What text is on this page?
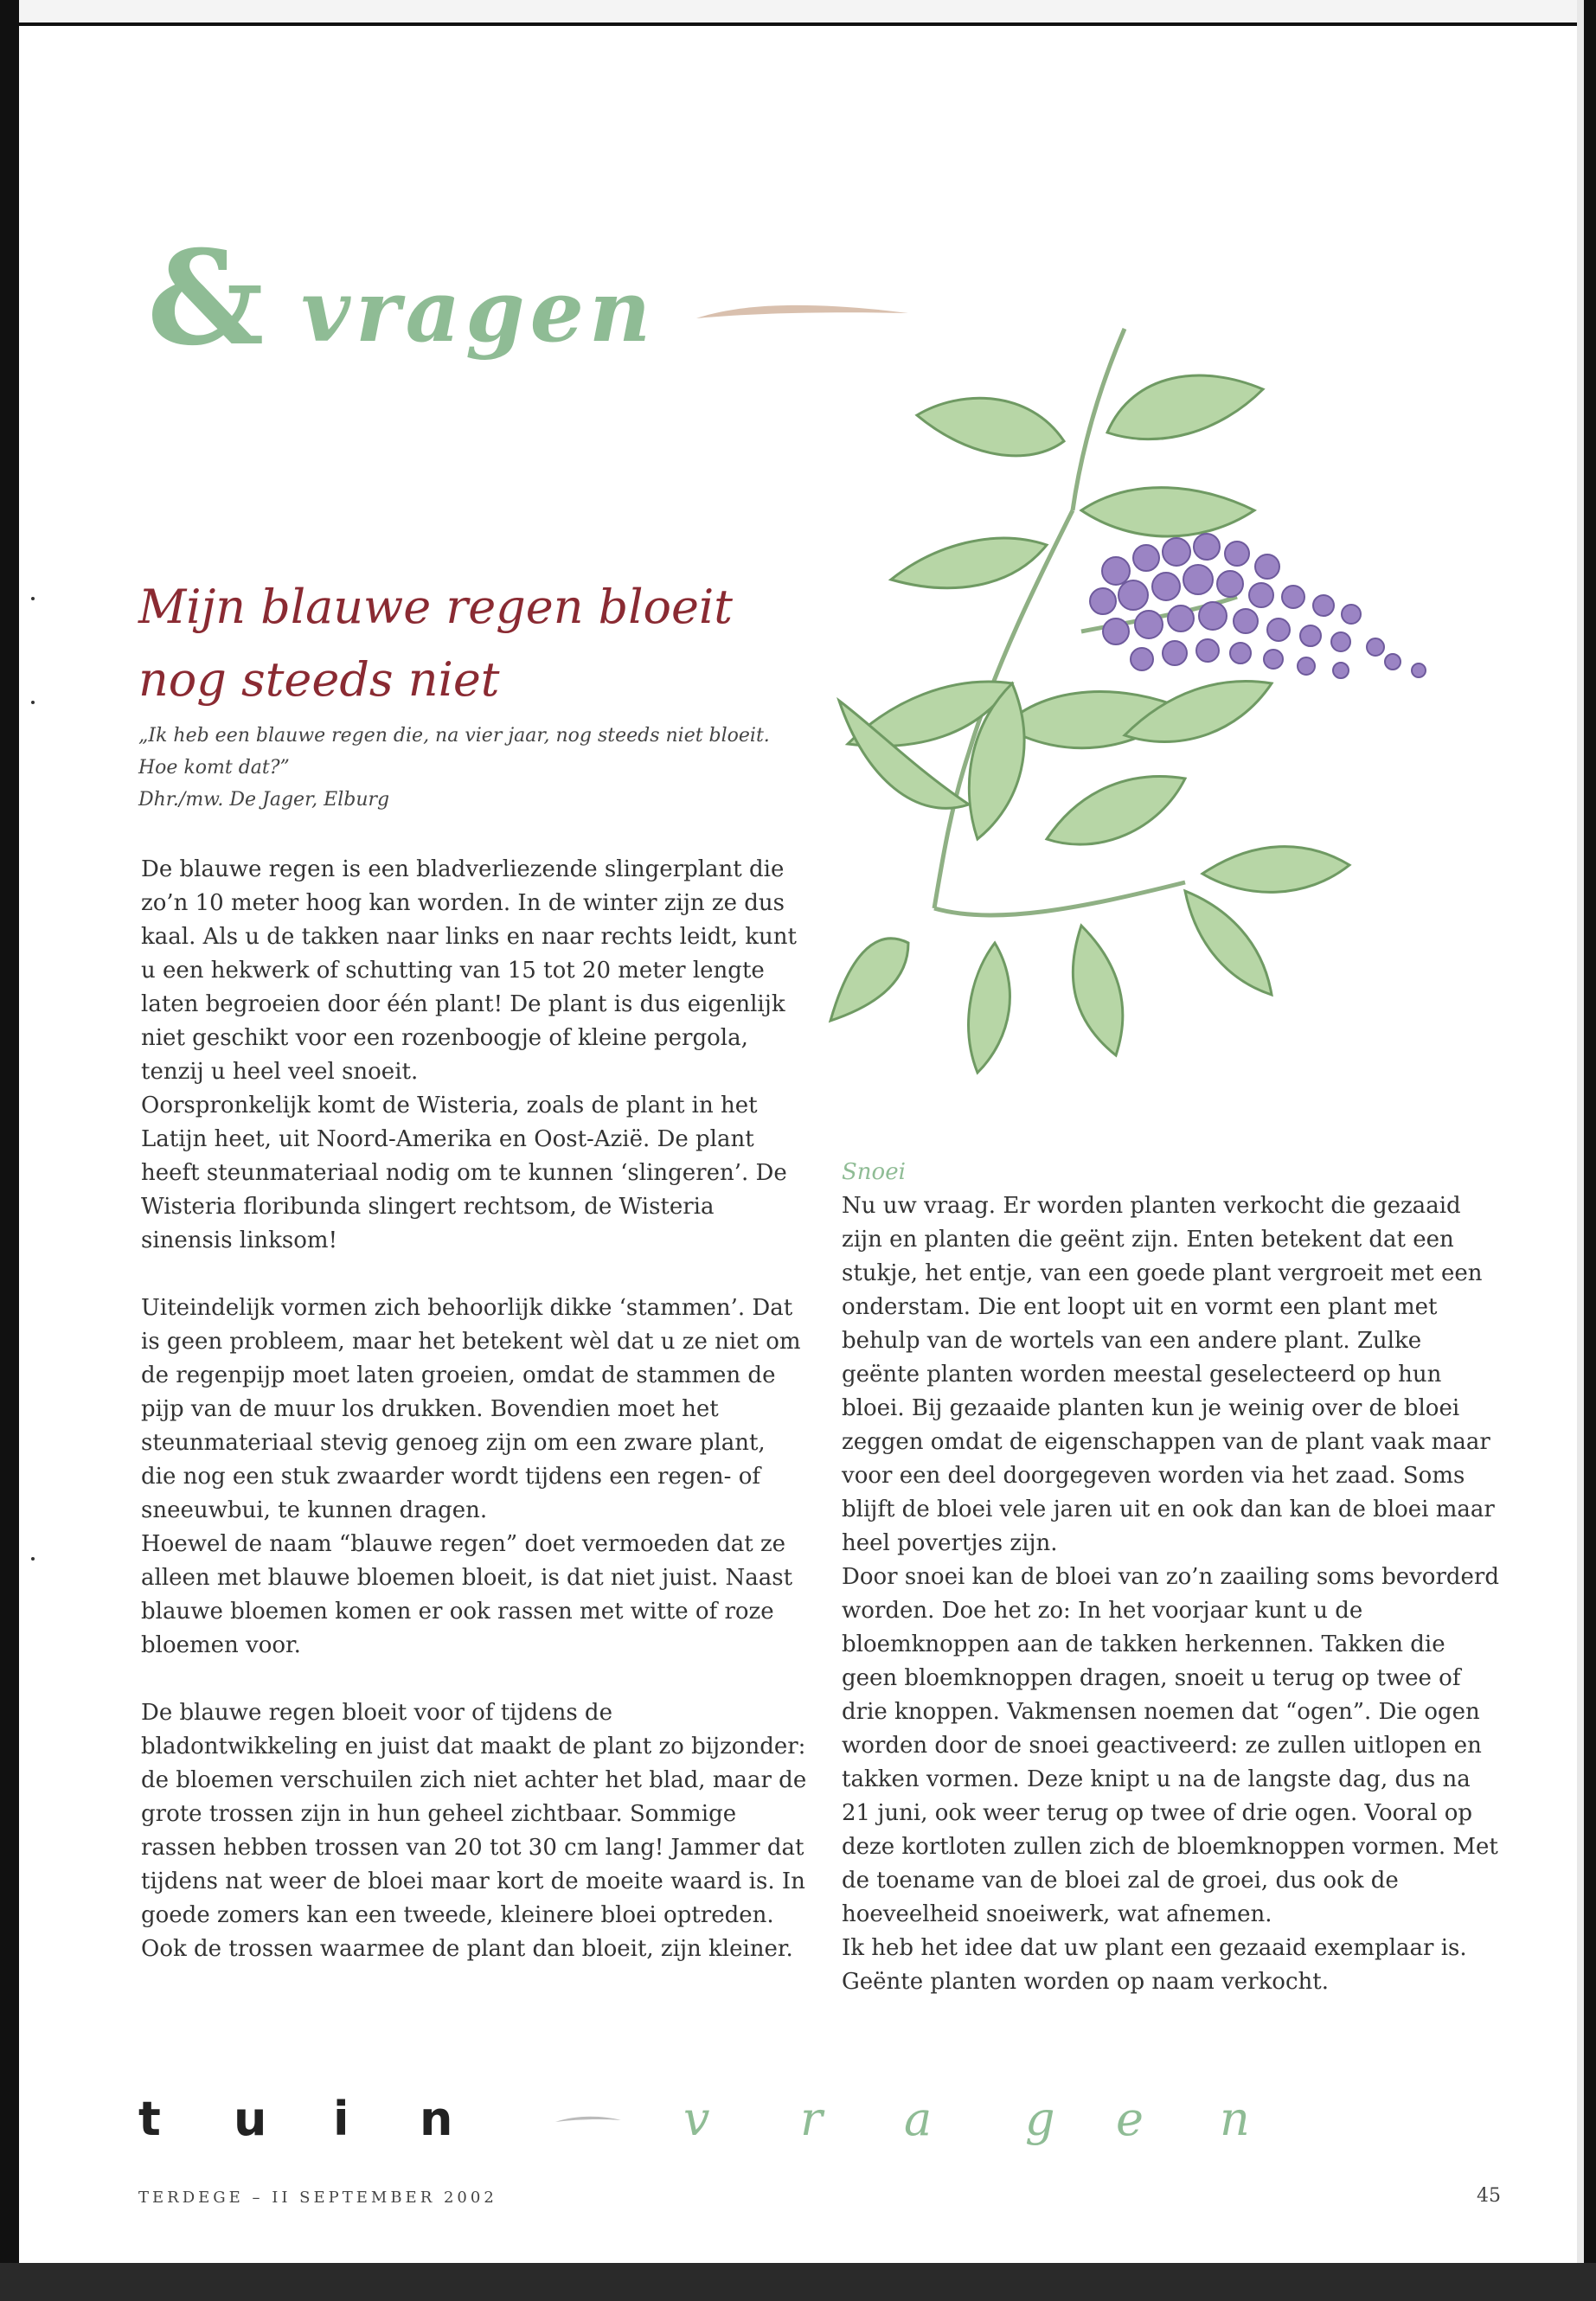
& vragen
Mijn blauwe regen bloeit nog steeds niet
„Ik heb een blauwe regen die, na vier jaar, nog steeds niet bloeit. Hoe komt dat?”
Dhr./mw. De Jager, Elburg

De blauwe regen is een bladverliezende slingerplant die zo’n 10 meter hoog kan worden. In de winter zijn ze dus kaal. Als u de takken naar links en naar rechts leidt, kunt u een hekwerk of schutting van 15 tot 20 meter lengte laten begroeien door één plant! De plant is dus eigenlijk niet geschikt voor een rozenboogje of kleine pergola, tenzij u heel veel snoeit.

Oorspronkelijk komt de Wisteria, zoals de plant in het Latijn heet, uit Noord-Amerika en Oost-Azië. De plant heeft steunmateriaal nodig om te kunnen ‘slingeren’. De Wisteria floribunda slingert rechtsom, de Wisteria sinensis linksom!

Uiteindelijk vormen zich behoorlijk dikke ‘stammen’. Dat is geen probleem, maar het betekent wèl dat u ze niet om de regenpijp moet laten groeien, omdat de stammen de pijp van de muur los drukken. Bovendien moet het steunmateriaal stevig genoeg zijn om een zware plant, die nog een stuk zwaarder wordt tijdens een regen- of sneeuwbui, te kunnen dragen.

Hoewel de naam “blauwe regen” doet vermoeden dat ze alleen met blauwe bloemen bloeit, is dat niet juist. Naast blauwe bloemen komen er ook rassen met witte of roze bloemen voor.

De blauwe regen bloeit voor of tijdens de bladontwikkeling en juist dat maakt de plant zo bijzonder: de bloemen verschuilen zich niet achter het blad, maar de grote trossen zijn in hun geheel zichtbaar. Sommige rassen hebben trossen van 20 tot 30 cm lang! Jammer dat tijdens nat weer de bloei maar kort de moeite waard is. In goede zomers kan een tweede, kleinere bloei optreden. Ook de trossen waarmee de plant dan bloeit, zijn kleiner.

Snoei

Nu uw vraag. Er worden planten verkocht die gezaaid zijn en planten die geënt zijn. Enten betekent dat een stukje, het entje, van een goede plant vergroeit met een onderstam. Die ent loopt uit en vormt een plant met behulp van de wortels van een andere plant. Zulke geënte planten worden meestal geselecteerd op hun bloei. Bij gezaaide planten kun je weinig over de bloei zeggen omdat de eigenschappen van de plant vaak maar voor een deel doorgegeven worden via het zaad. Soms blijft de bloei vele jaren uit en ook dan kan de bloei maar heel povertjes zijn.

Door snoei kan de bloei van zo’n zaailing soms bevorderd worden. Doe het zo: In het voorjaar kunt u de bloemknoppen aan de takken herkennen. Takken die geen bloemknoppen dragen, snoeit u terug op twee of drie knoppen. Vakmensen noemen dat “ogen”. Die ogen worden door de snoei geactiveerd: ze zullen uitlopen en takken vormen. Deze knipt u na de langste dag, dus na 21 juni, ook weer terug op twee of drie ogen. Vooral op deze kortloten zullen zich de bloemknoppen vormen. Met de toename van de bloei zal de groei, dus ook de hoeveelheid snoeiwerk, wat afnemen.

Ik heb het idee dat uw plant een gezaaid exemplaar is. Geënte planten worden op naam verkocht.

t u i n	v r a g e n
TERDEGE – II SEPTEMBER 2002	45
